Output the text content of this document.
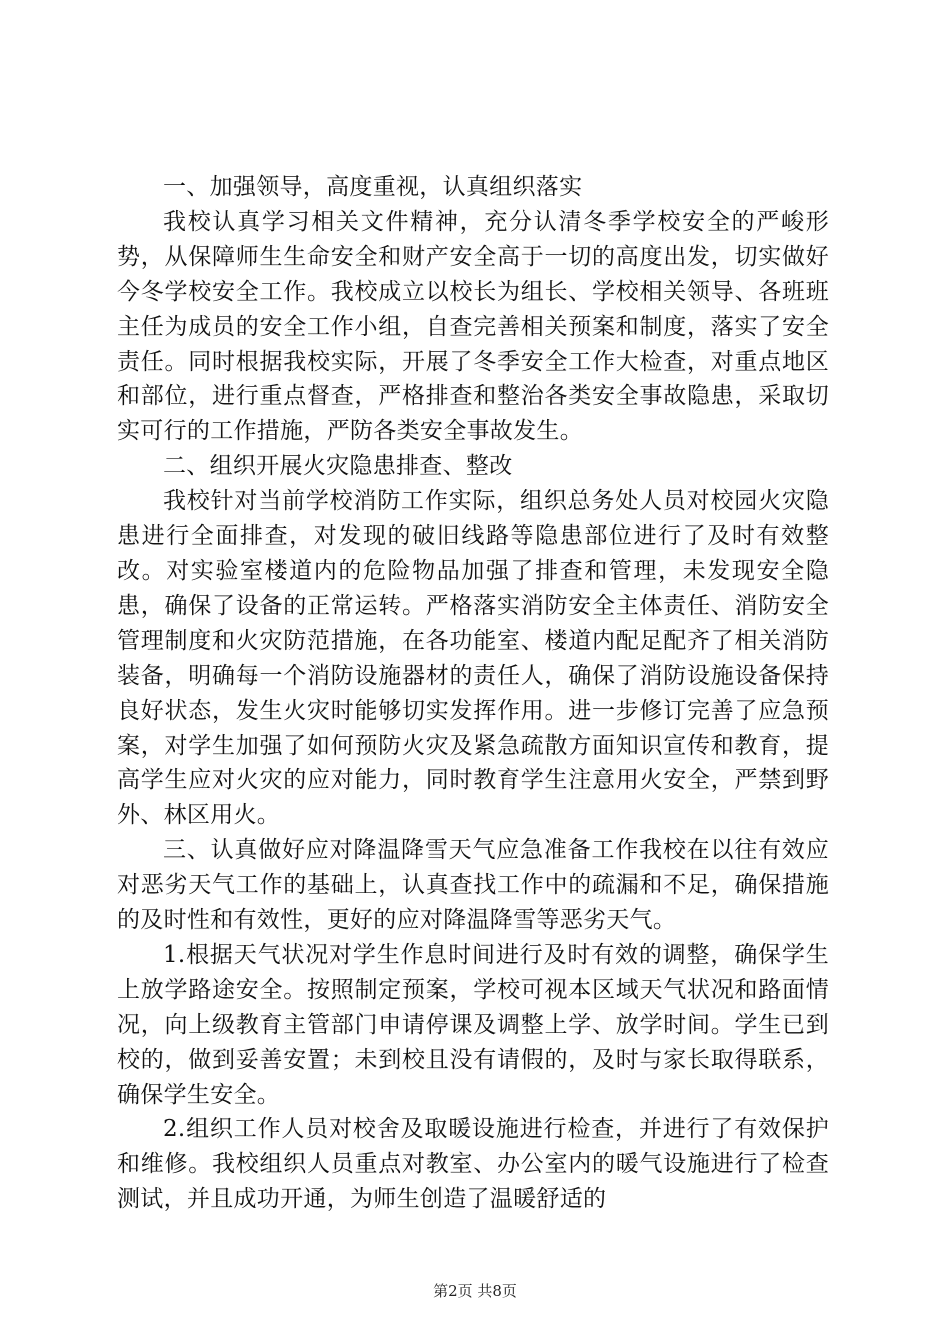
一、加强领导，高度重视，认真组织落实

我校认真学习相关文件精神，充分认清冬季学校安全的严峻形势，从保障师生生命安全和财产安全高于一切的高度出发，切实做好今冬学校安全工作。我校成立以校长为组长、学校相关领导、各班班主任为成员的安全工作小组，自查完善相关预案和制度，落实了安全责任。同时根据我校实际，开展了冬季安全工作大检查，对重点地区和部位，进行重点督查，严格排查和整治各类安全事故隐患，采取切实可行的工作措施，严防各类安全事故发生。

二、组织开展火灾隐患排查、整改

我校针对当前学校消防工作实际，组织总务处人员对校园火灾隐患进行全面排查，对发现的破旧线路等隐患部位进行了及时有效整改。对实验室楼道内的危险物品加强了排查和管理，未发现安全隐患，确保了设备的正常运转。严格落实消防安全主体责任、消防安全管理制度和火灾防范措施，在各功能室、楼道内配足配齐了相关消防装备，明确每一个消防设施器材的责任人，确保了消防设施设备保持良好状态，发生火灾时能够切实发挥作用。进一步修订完善了应急预案，对学生加强了如何预防火灾及紧急疏散方面知识宣传和教育，提高学生应对火灾的应对能力，同时教育学生注意用火安全，严禁到野外、林区用火。

三、认真做好应对降温降雪天气应急准备工作我校在以往有效应对恶劣天气工作的基础上，认真查找工作中的疏漏和不足，确保措施的及时性和有效性，更好的应对降温降雪等恶劣天气。

1.根据天气状况对学生作息时间进行及时有效的调整，确保学生上放学路途安全。按照制定预案，学校可视本区域天气状况和路面情况，向上级教育主管部门申请停课及调整上学、放学时间。学生已到校的，做到妥善安置；未到校且没有请假的，及时与家长取得联系，确保学生安全。

2.组织工作人员对校舍及取暖设施进行检查，并进行了有效保护和维修。我校组织人员重点对教室、办公室内的暖气设施进行了检查测试，并且成功开通，为师生创造了温暖舒适的

第2页 共8页
